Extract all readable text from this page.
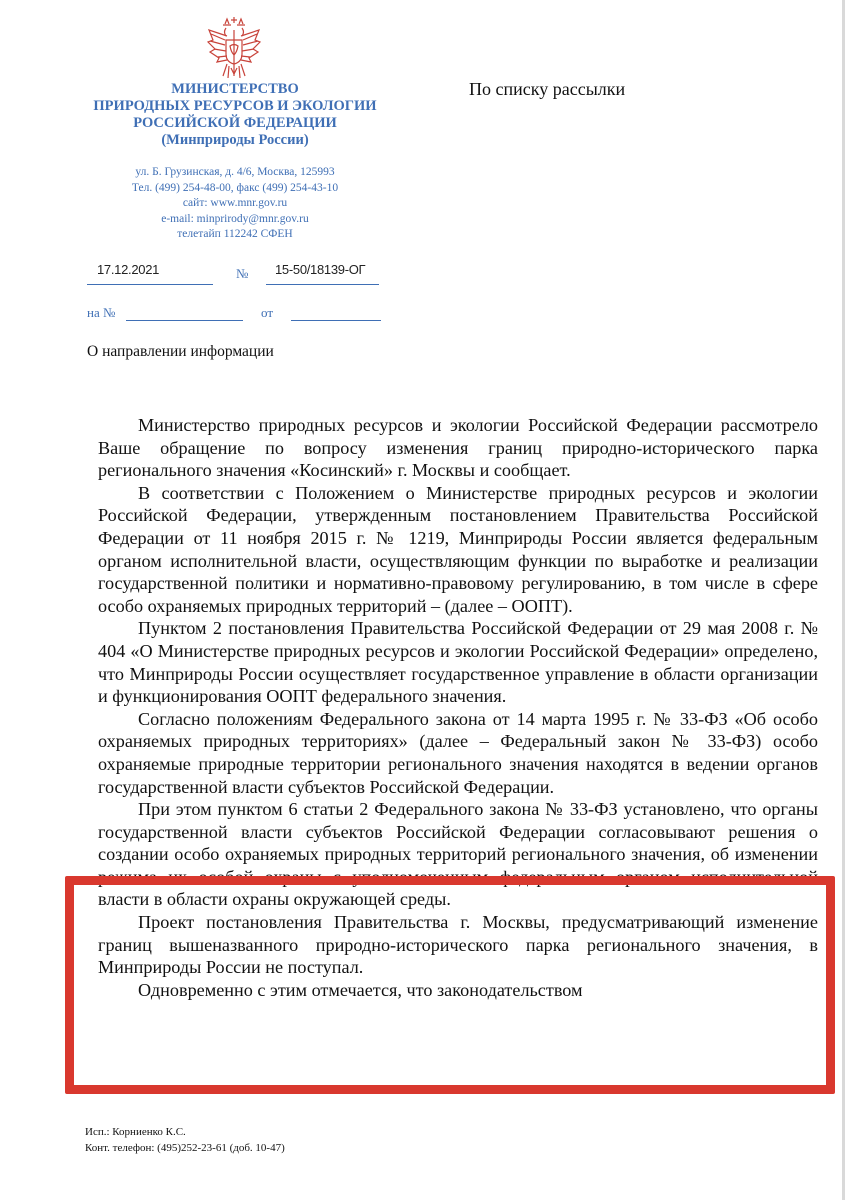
МИНИСТЕРСТВО
ПРИРОДНЫХ РЕСУРСОВ И ЭКОЛОГИИ
РОССИЙСКОЙ ФЕДЕРАЦИИ
(Минприроды России)
ул. Б. Грузинская, д. 4/6, Москва, 125993
Тел. (499) 254-48-00, факс (499) 254-43-10
сайт: www.mnr.gov.ru
e-mail: minprirody@mnr.gov.ru
телетайп 112242 СФЕН
По списку рассылки
17.12.2021	№ 15-50/18139-ОГ
на №	от
О направлении информации

Министерство природных ресурсов и экологии Российской Федерации рассмотрело Ваше обращение по вопросу изменения границ природно-исторического парка регионального значения «Косинский» г. Москвы и сообщает.

В соответствии с Положением о Министерстве природных ресурсов и экологии Российской Федерации, утвержденным постановлением Правительства Российской Федерации от 11 ноября 2015 г. № 1219, Минприроды России является федеральным органом исполнительной власти, осуществляющим функции по выработке и реализации государственной политики и нормативно-правовому регулированию, в том числе в сфере особо охраняемых природных территорий – (далее – ООПТ).

Пунктом 2 постановления Правительства Российской Федерации от 29 мая 2008 г. № 404 «О Министерстве природных ресурсов и экологии Российской Федерации» определено, что Минприроды России осуществляет государственное управление в области организации и функционирования ООПТ федерального значения.

Согласно положениям Федерального закона от 14 марта 1995 г. № 33-ФЗ «Об особо охраняемых природных территориях» (далее – Федеральный закон № 33-ФЗ) особо охраняемые природные территории регионального значения находятся в ведении органов государственной власти субъектов Российской Федерации.

При этом пунктом 6 статьи 2 Федерального закона № 33-ФЗ установлено, что органы государственной власти субъектов Российской Федерации согласовывают решения о создании особо охраняемых природных территорий регионального значения, об изменении режима их особой охраны с уполномоченным федеральным органом исполнительной власти в области охраны окружающей среды.

Проект постановления Правительства г. Москвы, предусматривающий изменение границ вышеназванного природно-исторического парка регионального значения, в Минприроды России не поступал.

Одновременно с этим отмечается, что законодательством

Исп.: Корниенко К.С.
Конт. телефон: (495)252-23-61 (доб. 10-47)
